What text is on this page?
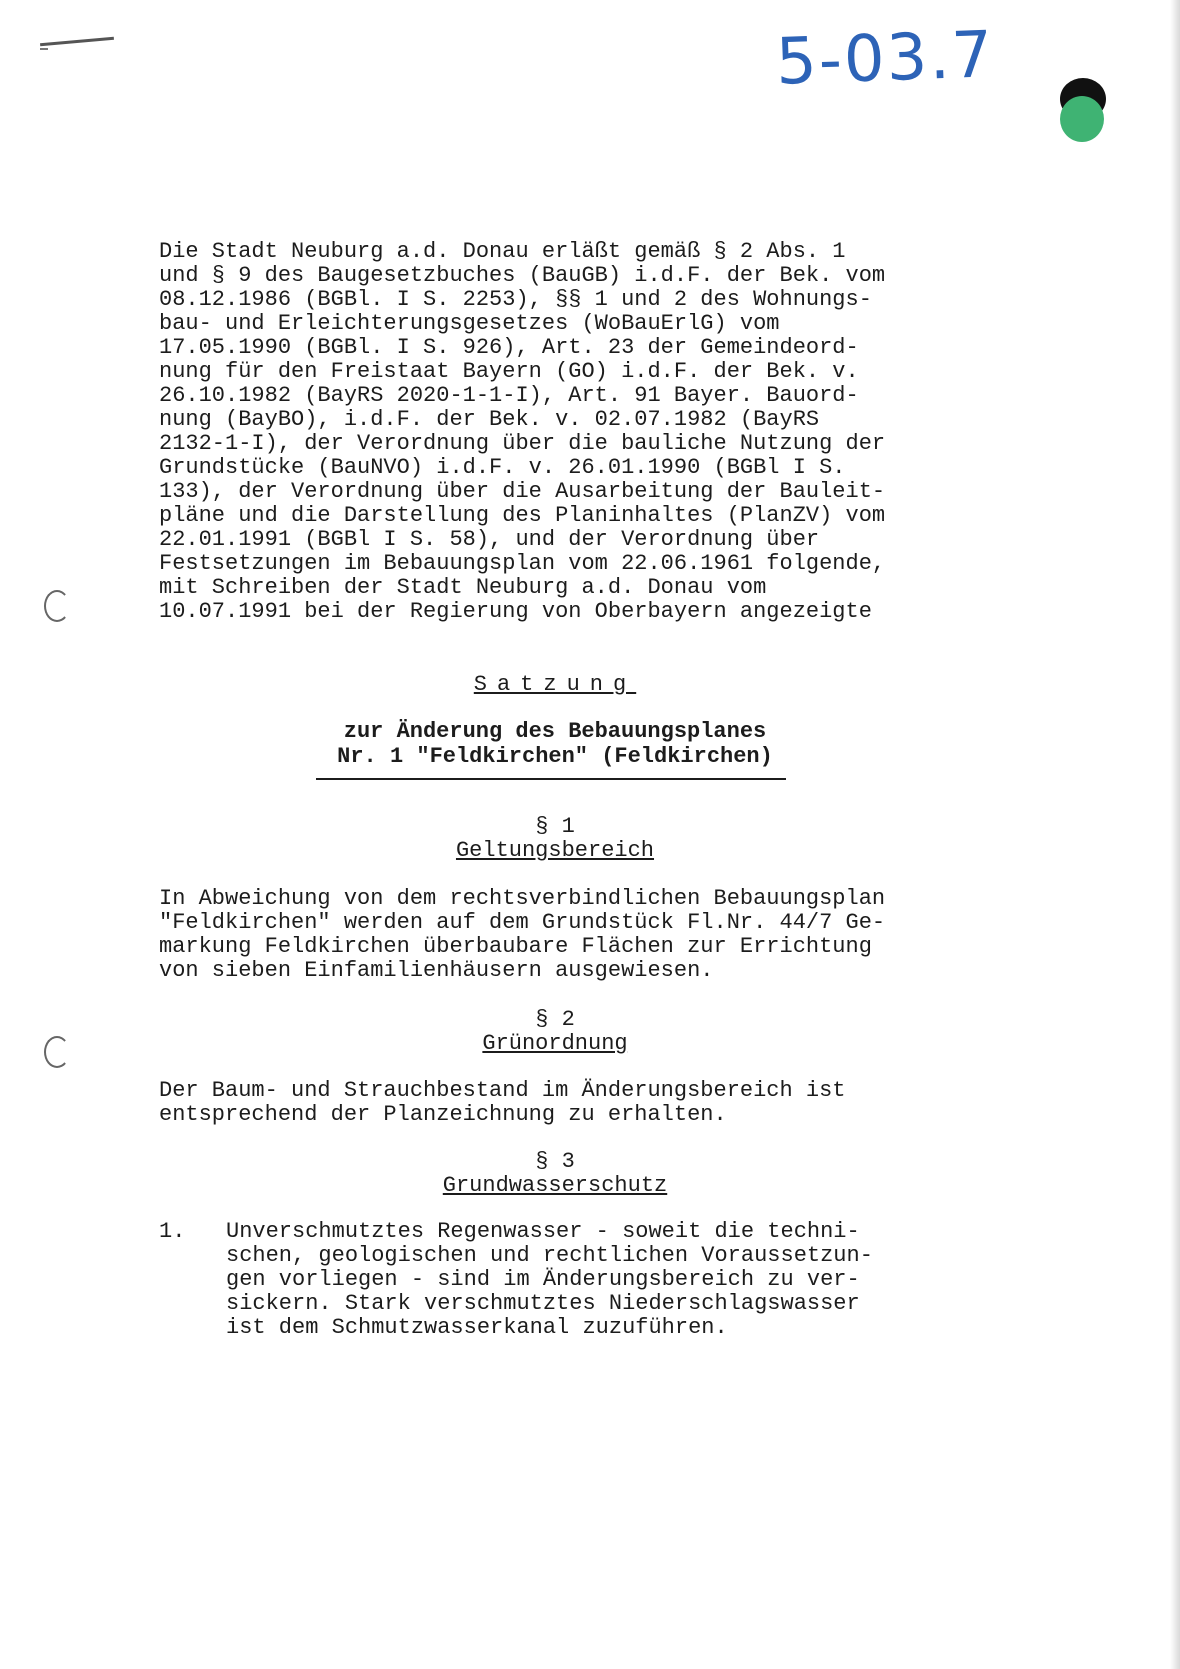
5-03.7
Die Stadt Neuburg a.d. Donau erläßt gemäß § 2 Abs. 1
und § 9 des Baugesetzbuches (BauGB) i.d.F. der Bek. vom
08.12.1986 (BGBl. I S. 2253), §§ 1 und 2 des Wohnungs-
bau- und Erleichterungsgesetzes (WoBauErlG) vom
17.05.1990 (BGBl. I S. 926), Art. 23 der Gemeindeord-
nung für den Freistaat Bayern (GO) i.d.F. der Bek. v.
26.10.1982 (BayRS 2020-1-1-I), Art. 91 Bayer. Bauord-
nung (BayBO), i.d.F. der Bek. v. 02.07.1982 (BayRS
2132-1-I), der Verordnung über die bauliche Nutzung der
Grundstücke (BauNVO) i.d.F. v. 26.01.1990 (BGBl I S.
133), der Verordnung über die Ausarbeitung der Bauleit-
pläne und die Darstellung des Planinhaltes (PlanZV) vom
22.01.1991 (BGBl I S. 58), und der Verordnung über
Festsetzungen im Bebauungsplan vom 22.06.1961 folgende,
mit Schreiben der Stadt Neuburg a.d. Donau vom
10.07.1991 bei der Regierung von Oberbayern angezeigte
Satzung
zur Änderung des Bebauungsplanes
Nr. 1 "Feldkirchen" (Feldkirchen)
§ 1
Geltungsbereich
In Abweichung von dem rechtsverbindlichen Bebauungsplan
"Feldkirchen" werden auf dem Grundstück Fl.Nr. 44/7 Ge-
markung Feldkirchen überbaubare Flächen zur Errichtung
von sieben Einfamilienhäusern ausgewiesen.
§ 2
Grünordnung
Der Baum- und Strauchbestand im Änderungsbereich ist
entsprechend der Planzeichnung zu erhalten.
§ 3
Grundwasserschutz
1. Unverschmutztes Regenwasser - soweit die techni-
schen, geologischen und rechtlichen Voraussetzun-
gen vorliegen - sind im Änderungsbereich zu ver-
sickern. Stark verschmutztes Niederschlagswasser
ist dem Schmutzwasserkanal zuzuführen.
